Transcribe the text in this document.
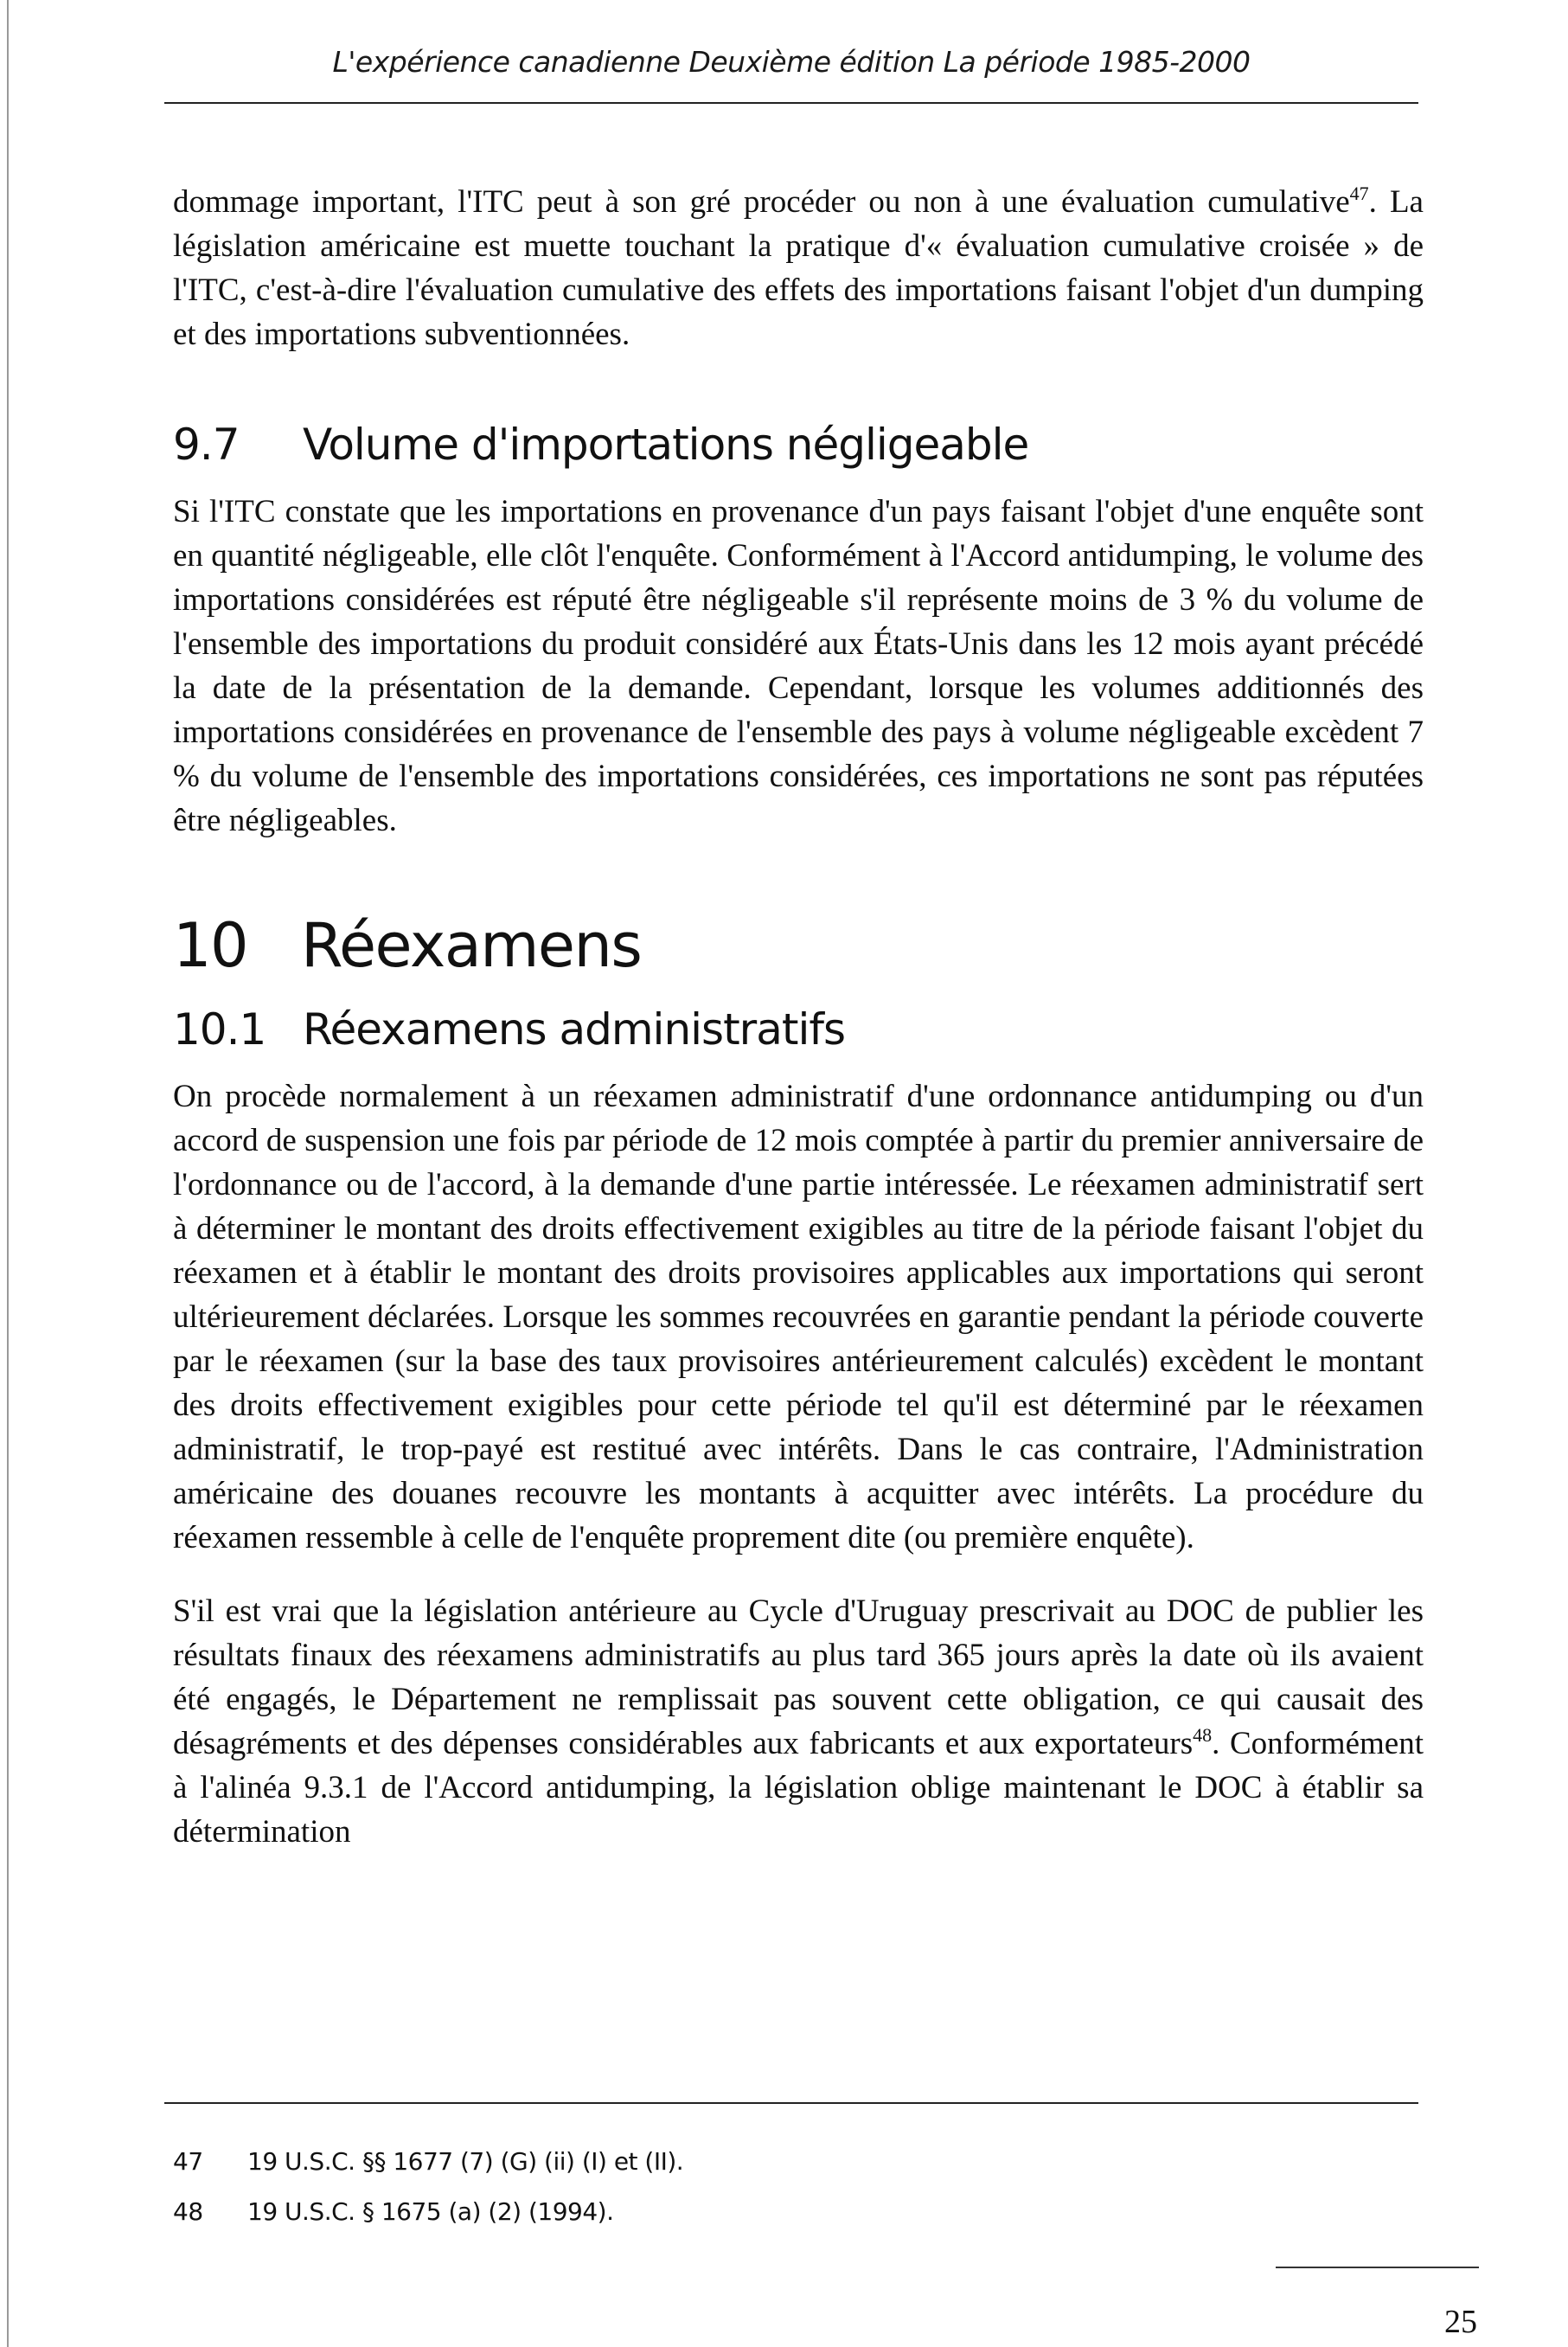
L'expérience canadienne Deuxième édition La période 1985-2000

dommage important, l'ITC peut à son gré procéder ou non à une évaluation cumulative$^{47}$. La législation américaine est muette touchant la pratique d'« évaluation cumulative croisée » de l'ITC, c'est-à-dire l'évaluation cumulative des effets des importations faisant l'objet d'un dumping et des importations subventionnées.

9.7 Volume d'importations négligeable

Si l'ITC constate que les importations en provenance d'un pays faisant l'objet d'une enquête sont en quantité négligeable, elle clôt l'enquête. Conformément à l'Accord antidumping, le volume des importations considérées est réputé être négligeable s'il représente moins de 3 % du volume de l'ensemble des importations du produit considéré aux États-Unis dans les 12 mois ayant précédé la date de la présentation de la demande. Cependant, lorsque les volumes additionnés des importations considérées en provenance de l'ensemble des pays à volume négligeable excèdent 7 % du volume de l'ensemble des importations considérées, ces importations ne sont pas réputées être négligeables.

10 Réexamens
10.1 Réexamens administratifs

On procède normalement à un réexamen administratif d'une ordonnance antidumping ou d'un accord de suspension une fois par période de 12 mois comptée à partir du premier anniversaire de l'ordonnance ou de l'accord, à la demande d'une partie intéressée. Le réexamen administratif sert à déterminer le montant des droits effectivement exigibles au titre de la période faisant l'objet du réexamen et à établir le montant des droits provisoires applicables aux importations qui seront ultérieurement déclarées. Lorsque les sommes recouvrées en garantie pendant la période couverte par le réexamen (sur la base des taux provisoires antérieurement calculés) excèdent le montant des droits effectivement exigibles pour cette période tel qu'il est déterminé par le réexamen administratif, le trop-payé est restitué avec intérêts. Dans le cas contraire, l'Administration américaine des douanes recouvre les montants à acquitter avec intérêts. La procédure du réexamen ressemble à celle de l'enquête proprement dite (ou première enquête).

S'il est vrai que la législation antérieure au Cycle d'Uruguay prescrivait au DOC de publier les résultats finaux des réexamens administratifs au plus tard 365 jours après la date où ils avaient été engagés, le Département ne remplissait pas souvent cette obligation, ce qui causait des désagréments et des dépenses considérables aux fabricants et aux exportateurs$^{48}$. Conformément à l'alinéa 9.3.1 de l'Accord antidumping, la législation oblige maintenant le DOC à établir sa détermination

47 19 U.S.C. §§ 1677 (7) (G) (ii) (I) et (II).
48 19 U.S.C. § 1675 (a) (2) (1994).
25
